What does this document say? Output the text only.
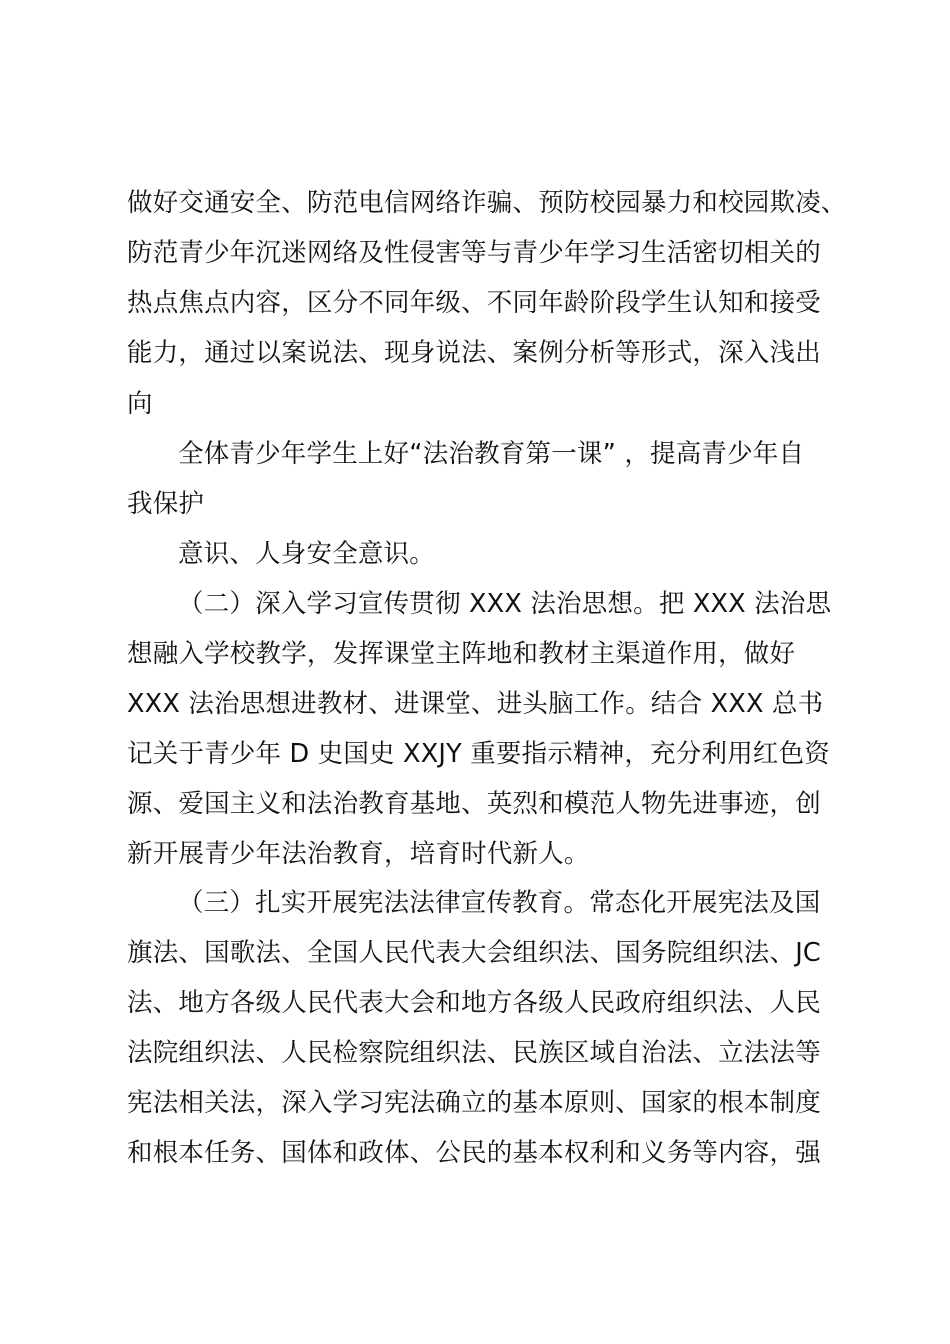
做好交通安全、防范电信网络诈骗、预防校园暴力和校园欺凌、
防范青少年沉迷网络及性侵害等与青少年学习生活密切相关的
热点焦点内容，区分不同年级、不同年龄阶段学生认知和接受
能力，通过以案说法、现身说法、案例分析等形式，深入浅出
向
全体青少年学生上好“法治教育第一课” ，提高青少年自
我保护
意识、人身安全意识。
（二）深入学习宣传贯彻 XXX 法治思想。把 XXX 法治思
想融入学校教学，发挥课堂主阵地和教材主渠道作用，做好
XXX 法治思想进教材、进课堂、进头脑工作。结合 XXX 总书
记关于青少年 D 史国史 XXJY 重要指示精神，充分利用红色资
源、爱国主义和法治教育基地、英烈和模范人物先进事迹，创
新开展青少年法治教育，培育时代新人。
（三）扎实开展宪法法律宣传教育。常态化开展宪法及国
旗法、国歌法、全国人民代表大会组织法、国务院组织法、JC
法、地方各级人民代表大会和地方各级人民政府组织法、人民
法院组织法、人民检察院组织法、民族区域自治法、立法法等
宪法相关法，深入学习宪法确立的基本原则、国家的根本制度
和根本任务、国体和政体、公民的基本权利和义务等内容，强
